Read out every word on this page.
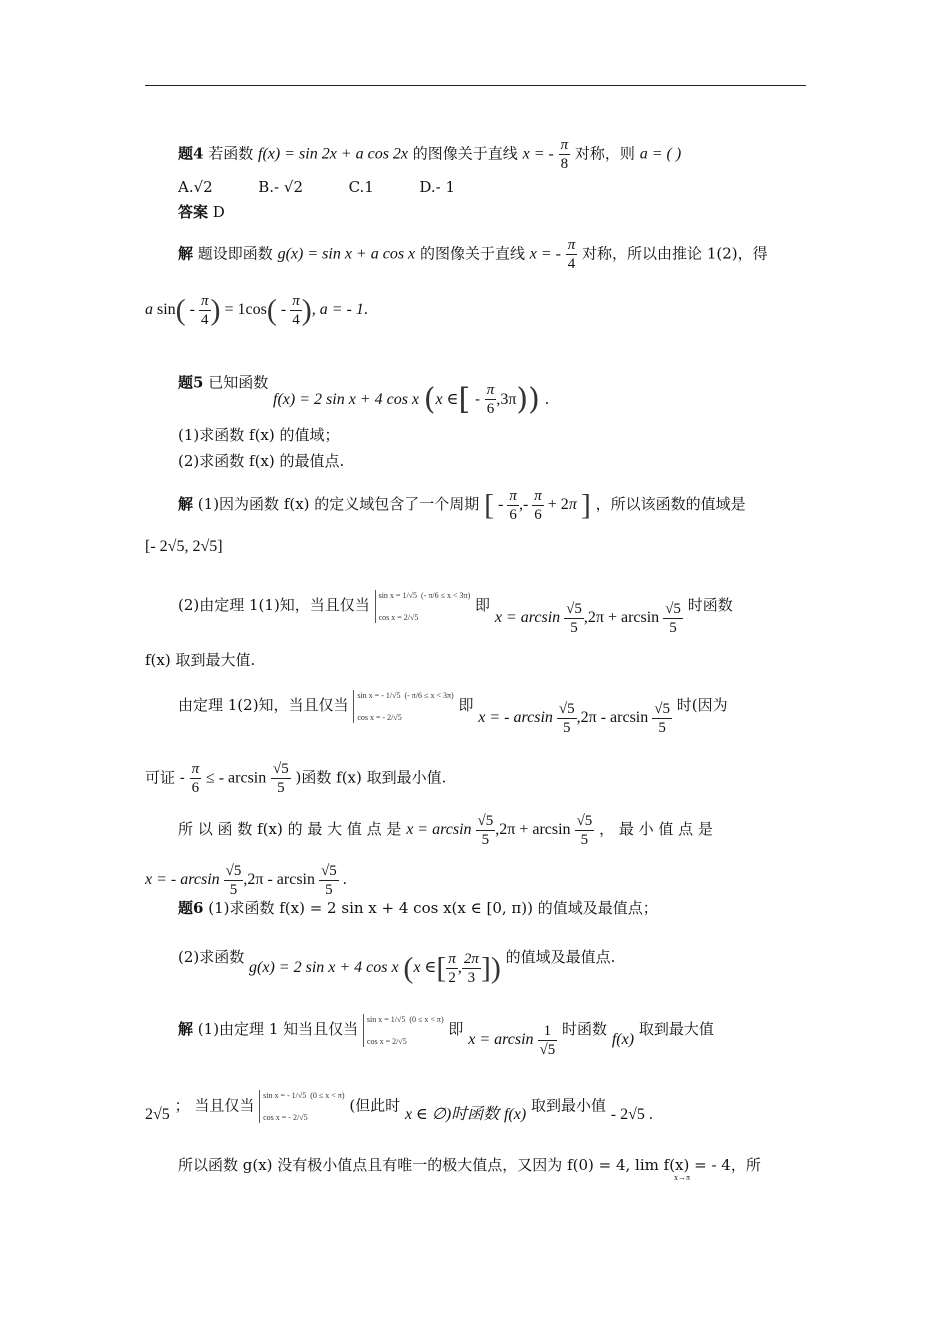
题4 若函数 f(x) = sin 2x + a cos 2x 的图像关于直线 x = - $\frac{\pi}{8}$ 对称，则 a = ( )
A.√2	B.- √2	C.1	D.- 1
答案 D
解 题设即函数 g(x) = sin x + a cos x 的图像关于直线 x = - $\frac{\pi}{4}$ 对称，所以由推论 1(2)，得
a $\sin( - \frac{\pi}{4}$ ) = $1\cos( - \frac{\pi}{4}$ ), a = - 1.
题5 已知函数 f(x) = 2 sin x + 4 cos x (x ∈[ - $\frac{\pi}{6} ,3\pi$)) .
(1)求函数 f(x) 的值域；
(2)求函数 f(x) 的最值点.
解 (1)因为函数 f(x) 的定义域包含了一个周期 [ - $\frac{\pi}{6}$ ,- $\frac{\pi}{6} + 2\pi$ ] ，所以该函数的值域是
[- 2√5, 2√5]
(2)由定理 1(1)知，当且仅当
sin x = 1/√5  (- π/6 ≤ x < 3π)

cos x = 2/√5
即 $x = \arcsin \frac{√5}{5} ,2\pi + \arcsin \frac{√5}{5}$ 时函数
f(x) 取到最大值.
由定理 1(2)知，当且仅当
sin x = - 1/√5  (- π/6 ≤ x < 3π)

cos x = - 2/√5
即 x = - $\arcsin \frac{√5}{5} ,2\pi$ - $\arcsin \frac{√5}{5}$ 时(因为
可证 - $\frac{\pi}{6}$ ≤ - $\arcsin \frac{√5}{5}$ )函数 f(x) 取到最小值.
所 以 函 数 f(x) 的 最 大 值 点 是 $x = \arcsin \frac{√5}{5} ,2\pi + \arcsin \frac{√5}{5}$ ， 最 小 值 点 是
x = - $\arcsin \frac{√5}{5} ,2\pi$ - $\arcsin \frac{√5}{5}$ .
题6 (1)求函数 f(x) = 2 sin x + 4 cos x(x ∈ [0, π)) 的值域及最值点；
(2)求函数 g(x) = 2 sin x + 4 cos x (x ∈[ $\frac{\pi}{2}$ , $\frac{2\pi}{3}$ ]) 的值域及最值点.
解 (1)由定理 1 知当且仅当
sin x = 1/√5  (0 ≤ x < π)

cos x = 2/√5
即 $x = \arcsin \frac{1}{√5}$ 时函数 f(x) 取到最大值
2√5 ； 当且仅当
sin x = - 1/√5  (0 ≤ x < π)

cos x = - 2/√5
(但此时 x ∈ ∅)时函数 f(x) 取到最小值 - 2√5 .
所以函数 g(x) 没有极小值点且有唯一的极大值点，又因为 f(0) = 4, lim f(x) = - 4，所
x→π
